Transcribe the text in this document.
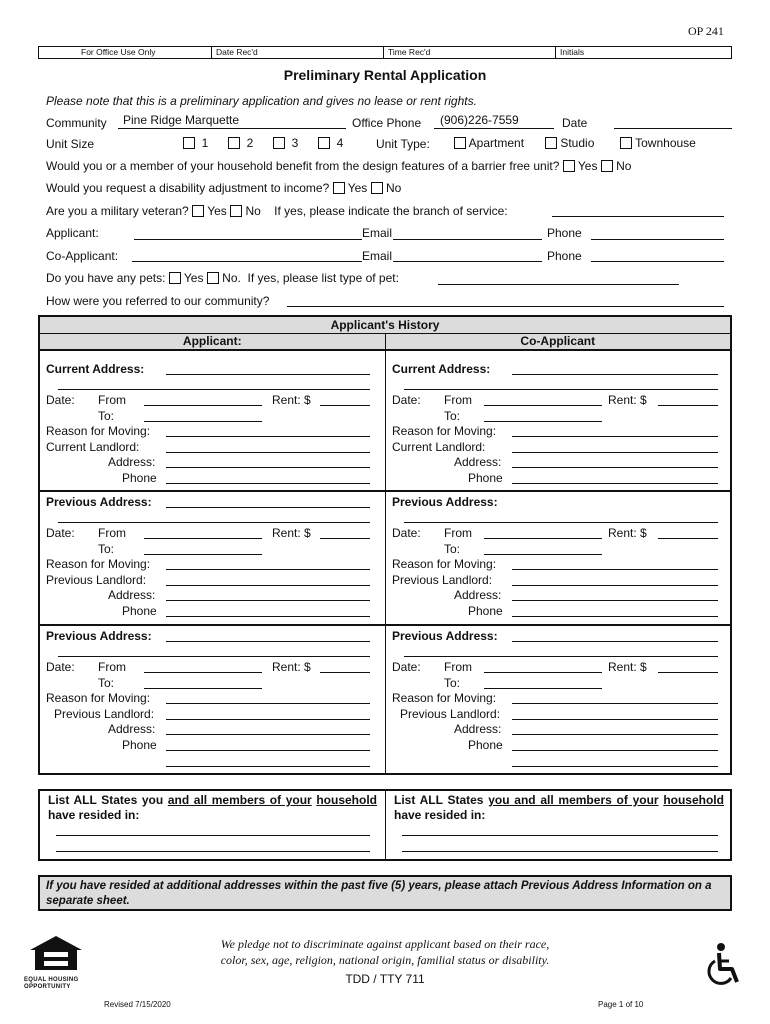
OP 241
For Office Use Only	Date Rec'd	Time Rec'd	Initials
Preliminary Rental Application
Please note that this is a preliminary application and gives no lease or rent rights.
Community Pine Ridge Marquette	Office Phone (906)226-7559	Date
Unit Size	1	2	3	4	Unit Type:	Apartment	Studio	Townhouse
Would you or a member of your household benefit from the design features of a barrier free unit? Yes No
Would you request a disability adjustment to income? Yes No
Are you a military veteran? Yes No If yes, please indicate the branch of service:
Applicant:	Email	Phone
Co-Applicant:	Email	Phone
Do you have any pets: Yes No. If yes, please list type of pet:
How were you referred to our community?
Applicant's History
Applicant:	Co-Applicant
Current Address:
Date: From	Rent: $
To:
Reason for Moving:
Current Landlord:
Address:
Phone
Current Address:
Date: From	Rent: $
To:
Reason for Moving:
Current Landlord:
Address:
Phone
Previous Address:
Date: From	Rent: $
To:
Reason for Moving:
Previous Landlord:
Address:
Phone
Previous Address:
Date: From	Rent: $
To:
Reason for Moving:
Previous Landlord:
Address:
Phone
Previous Address:
Date: From	Rent: $
To:
Reason for Moving:
Previous Landlord:
Address:
Phone
Previous Address:
Date: From	Rent: $
To:
Reason for Moving:
Previous Landlord:
Address:
Phone
List ALL States you and all members of your household have resided in:
List ALL States you and all members of your household have resided in:
If you have resided at additional addresses within the past five (5) years, please attach Previous Address Information on a separate sheet.
EQUAL HOUSING
OPPORTUNITY
We pledge not to discriminate against applicant based on their race,
color, sex, age, religion, national origin, familial status or disability.
TDD / TTY 711
Revised 7/15/2020	Page 1 of 10
